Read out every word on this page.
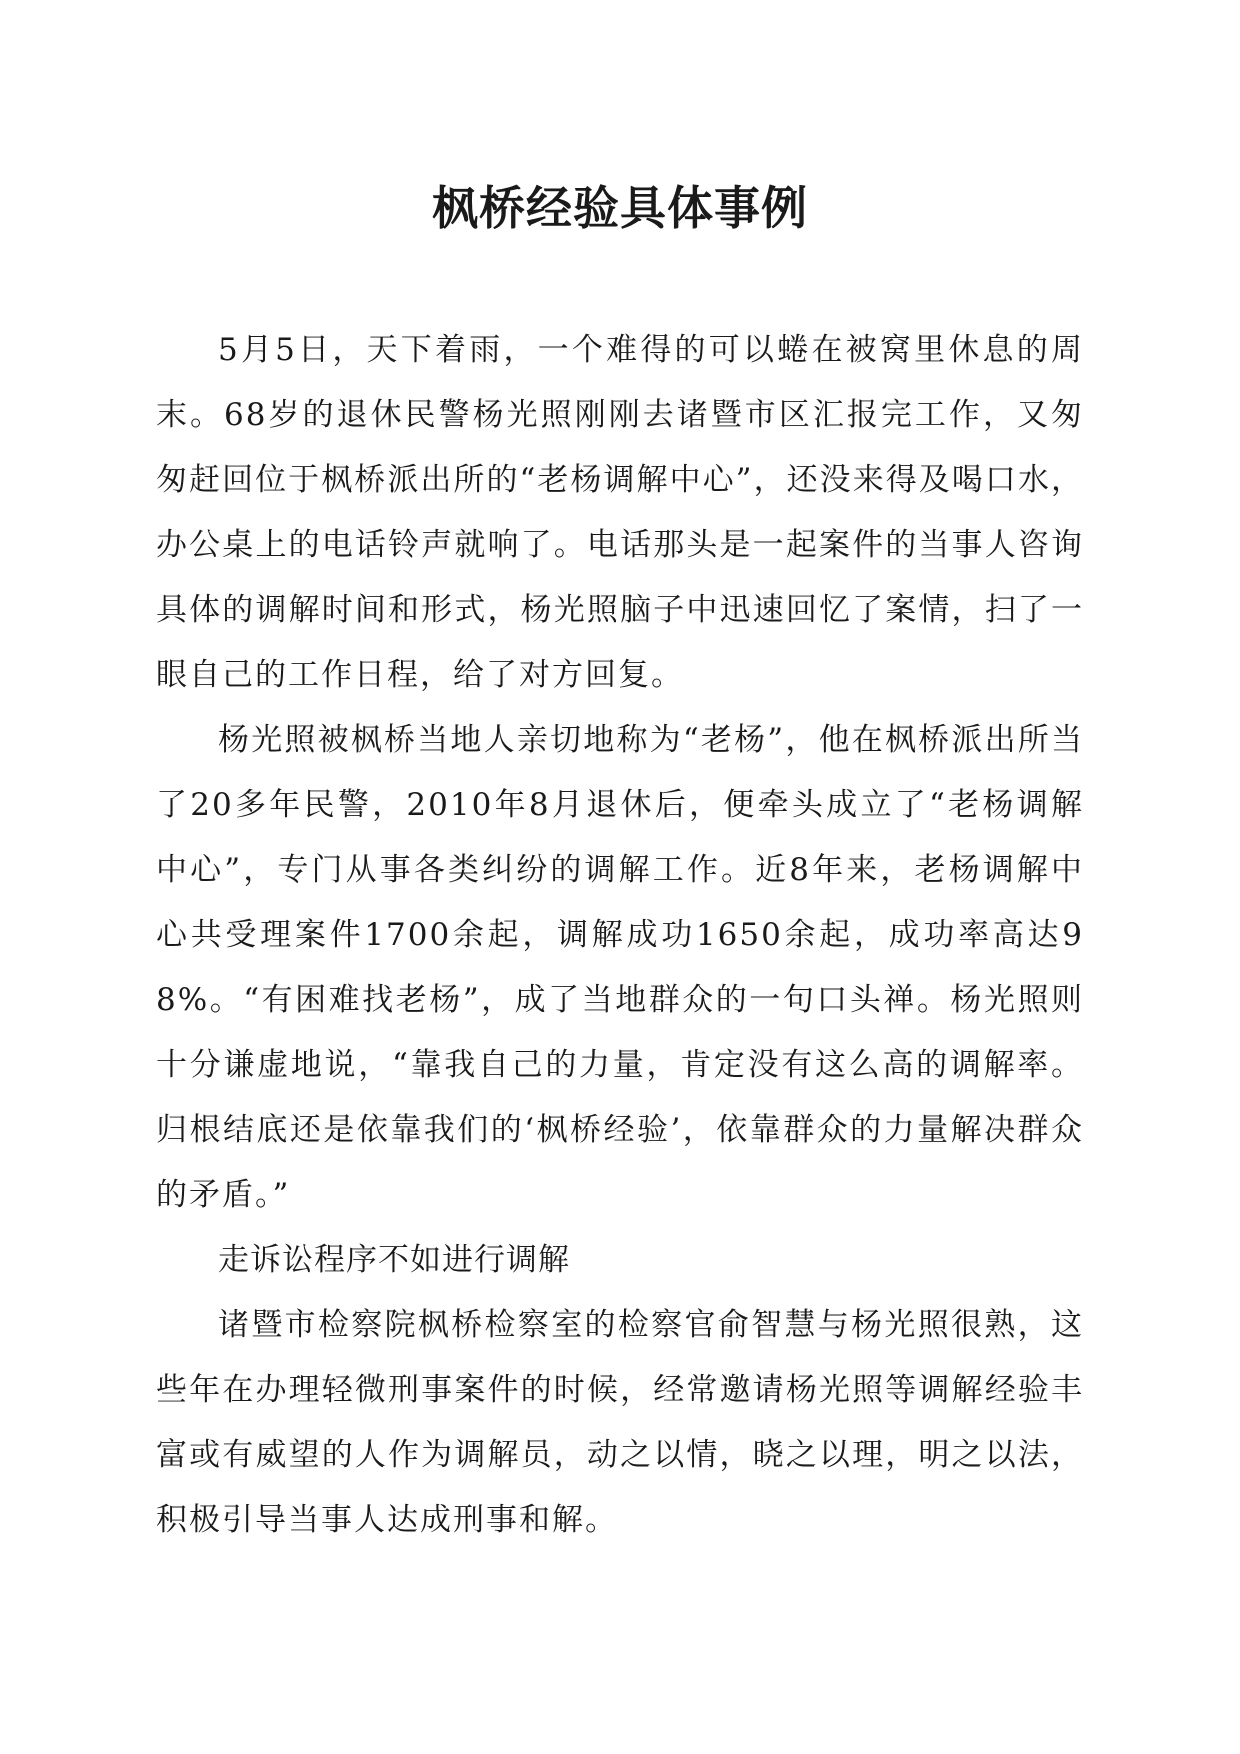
枫桥经验具体事例

5月5日，天下着雨，一个难得的可以蜷在被窝里休息的周末。68岁的退休民警杨光照刚刚去诸暨市区汇报完工作，又匆匆赶回位于枫桥派出所的“老杨调解中心”，还没来得及喝口水，办公桌上的电话铃声就响了。电话那头是一起案件的当事人咨询具体的调解时间和形式，杨光照脑子中迅速回忆了案情，扫了一眼自己的工作日程，给了对方回复。

杨光照被枫桥当地人亲切地称为“老杨”，他在枫桥派出所当了20多年民警，2010年8月退休后，便牵头成立了“老杨调解中心”，专门从事各类纠纷的调解工作。近8年来，老杨调解中心共受理案件1700余起，调解成功1650余起，成功率高达98%。“有困难找老杨”，成了当地群众的一句口头禅。杨光照则十分谦虚地说，“靠我自己的力量，肯定没有这么高的调解率。归根结底还是依靠我们的‘枫桥经验’，依靠群众的力量解决群众的矛盾。”

走诉讼程序不如进行调解

诸暨市检察院枫桥检察室的检察官俞智慧与杨光照很熟，这些年在办理轻微刑事案件的时候，经常邀请杨光照等调解经验丰富或有威望的人作为调解员，动之以情，晓之以理，明之以法，积极引导当事人达成刑事和解。
